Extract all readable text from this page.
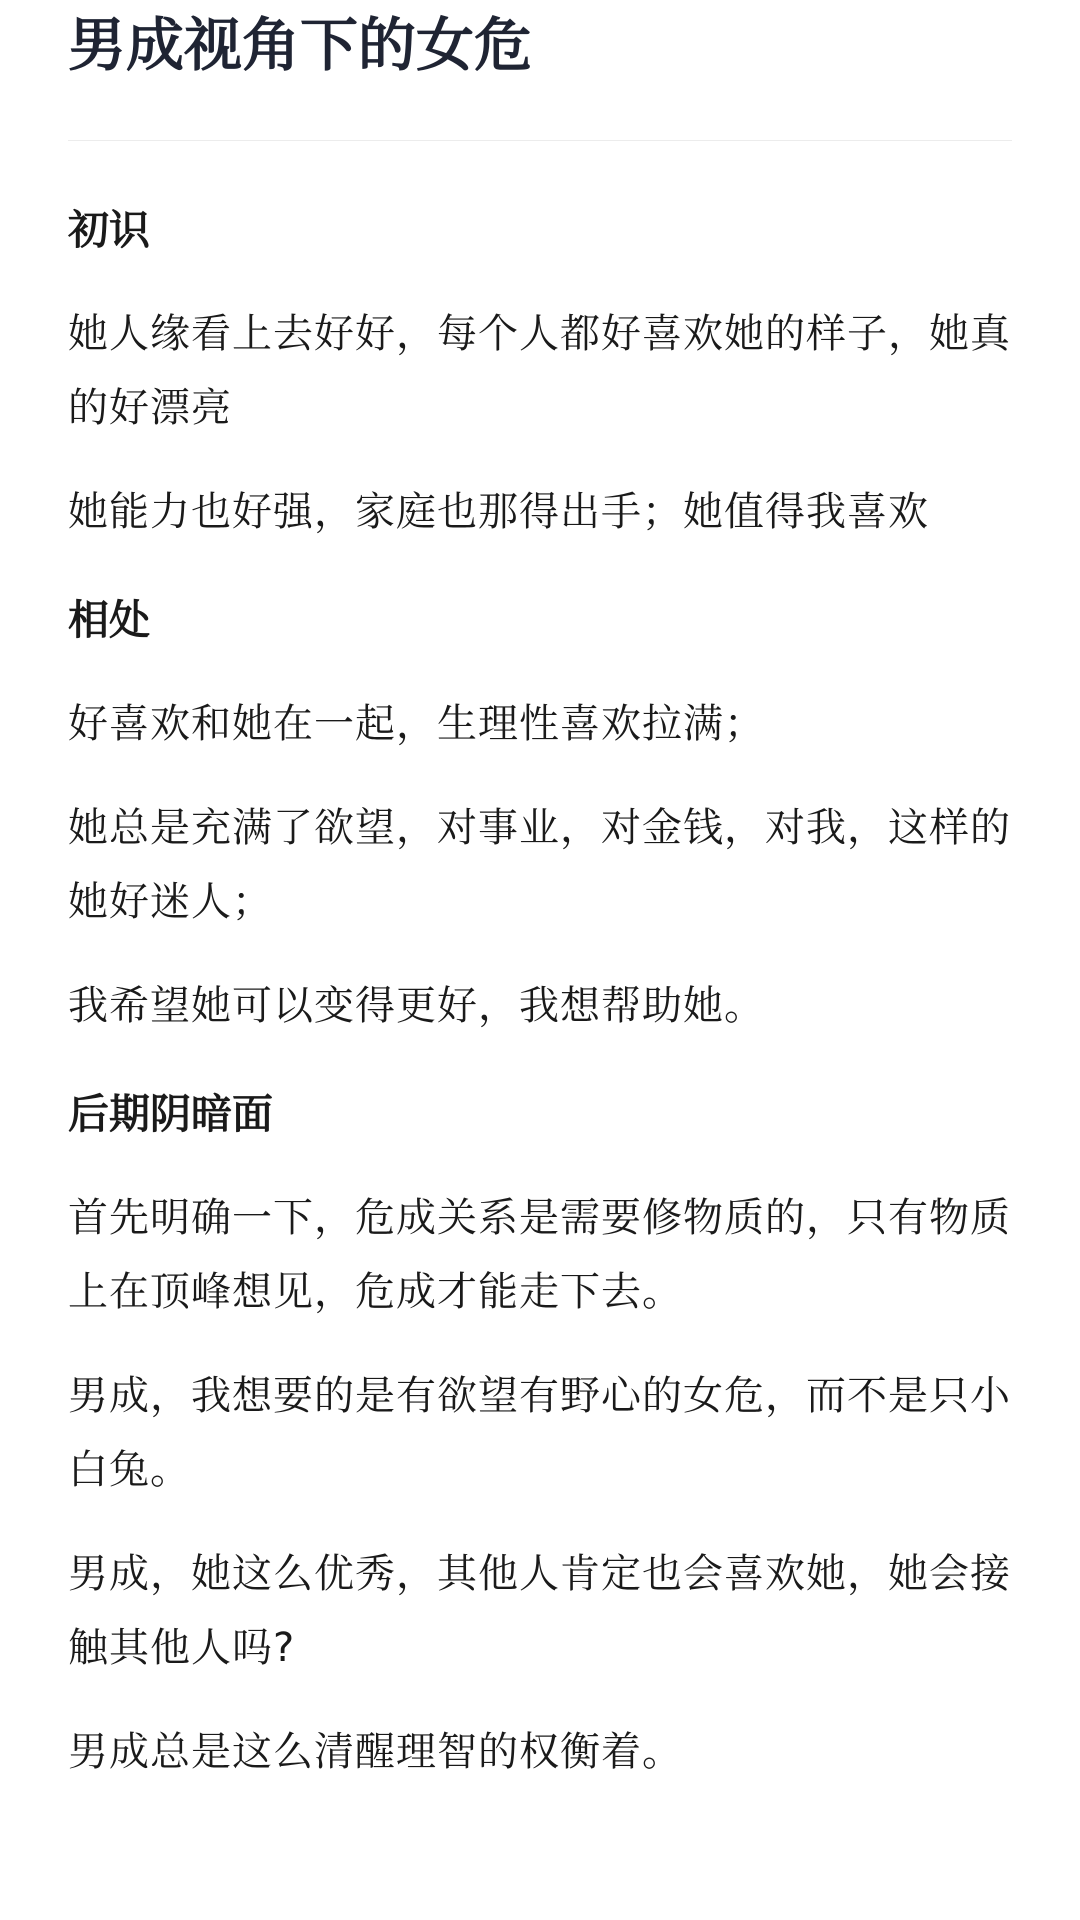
男成视角下的女危
初识

她人缘看上去好好，每个人都好喜欢她的样子，她真的好漂亮

她能力也好强，家庭也那得出手；她值得我喜欢

相处

好喜欢和她在一起，生理性喜欢拉满；

她总是充满了欲望，对事业，对金钱，对我，这样的她好迷人；

我希望她可以变得更好，我想帮助她。

后期阴暗面

首先明确一下，危成关系是需要修物质的，只有物质上在顶峰想见，危成才能走下去。

男成，我想要的是有欲望有野心的女危，而不是只小白兔。

男成，她这么优秀，其他人肯定也会喜欢她，她会接触其他人吗?

男成总是这么清醒理智的权衡着。
